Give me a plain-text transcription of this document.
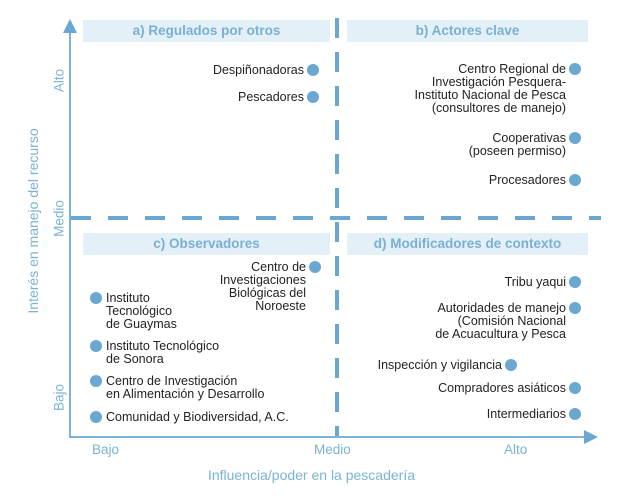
a) Regulados por otros	b) Actores clave
c) Observadores	d) Modificadores de contexto
Alto
Medio
Bajo
Interés en manejo del recurso
Bajo	Medio	Alto
Influencia/poder en la pescadería
Despiñonadoras
Pescadores
Centro Regional de
Investigación Pesquera-
Instituto Nacional de Pesca
(consultores de manejo)
Cooperativas
(poseen permiso)
Procesadores
Centro de
Investigaciones
Biológicas del
Noroeste
Instituto
Tecnológico
de Guaymas
Instituto Tecnológico
de Sonora
Centro de Investigación
en Alimentación y Desarrollo
Comunidad y Biodiversidad, A.C.
Tribu yaqui
Autoridades de manejo
(Comisión Nacional
de Acuacultura y Pesca
Inspección y vigilancia
Compradores asiáticos
Intermediarios
